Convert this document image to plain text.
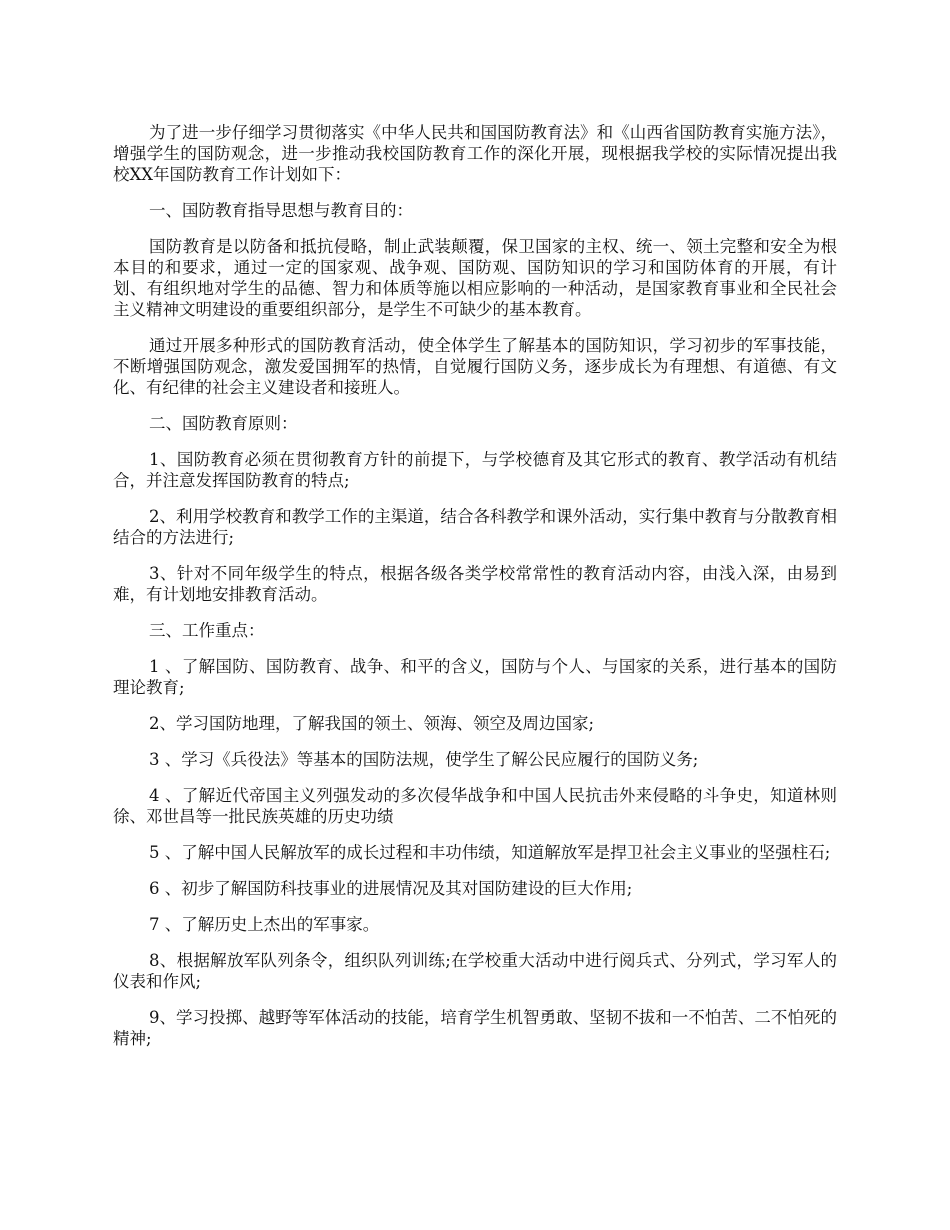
为了进一步仔细学习贯彻落实《中华人民共和国国防教育法》和《山西省国防教育实施方法》，增强学生的国防观念，进一步推动我校国防教育工作的深化开展，现根据我学校的实际情况提出我校XX年国防教育工作计划如下：

一、国防教育指导思想与教育目的：

国防教育是以防备和抵抗侵略，制止武装颠覆，保卫国家的主权、统一、领土完整和安全为根本目的和要求，通过一定的国家观、战争观、国防观、国防知识的学习和国防体育的开展，有计划、有组织地对学生的品德、智力和体质等施以相应影响的一种活动，是国家教育事业和全民社会主义精神文明建设的重要组织部分，是学生不可缺少的基本教育。

通过开展多种形式的国防教育活动，使全体学生了解基本的国防知识，学习初步的军事技能，不断增强国防观念，激发爱国拥军的热情，自觉履行国防义务，逐步成长为有理想、有道德、有文化、有纪律的社会主义建设者和接班人。

二、国防教育原则：

1、国防教育必须在贯彻教育方针的前提下，与学校德育及其它形式的教育、教学活动有机结合，并注意发挥国防教育的特点;

2、利用学校教育和教学工作的主渠道，结合各科教学和课外活动，实行集中教育与分散教育相结合的方法进行;

3、针对不同年级学生的特点，根据各级各类学校常常性的教育活动内容，由浅入深，由易到难，有计划地安排教育活动。

三、工作重点：

1 、了解国防、国防教育、战争、和平的含义，国防与个人、与国家的关系，进行基本的国防理论教育;

2、学习国防地理，了解我国的领土、领海、领空及周边国家;

3 、学习《兵役法》等基本的国防法规，使学生了解公民应履行的国防义务;

4 、了解近代帝国主义列强发动的多次侵华战争和中国人民抗击外来侵略的斗争史，知道林则徐、邓世昌等一批民族英雄的历史功绩

5 、了解中国人民解放军的成长过程和丰功伟绩，知道解放军是捍卫社会主义事业的坚强柱石;

6 、初步了解国防科技事业的进展情况及其对国防建设的巨大作用;

7 、了解历史上杰出的军事家。

8、根据解放军队列条令，组织队列训练;在学校重大活动中进行阅兵式、分列式，学习军人的仪表和作风;

9、学习投掷、越野等军体活动的技能，培育学生机智勇敢、坚韧不拔和一不怕苦、二不怕死的精神;
